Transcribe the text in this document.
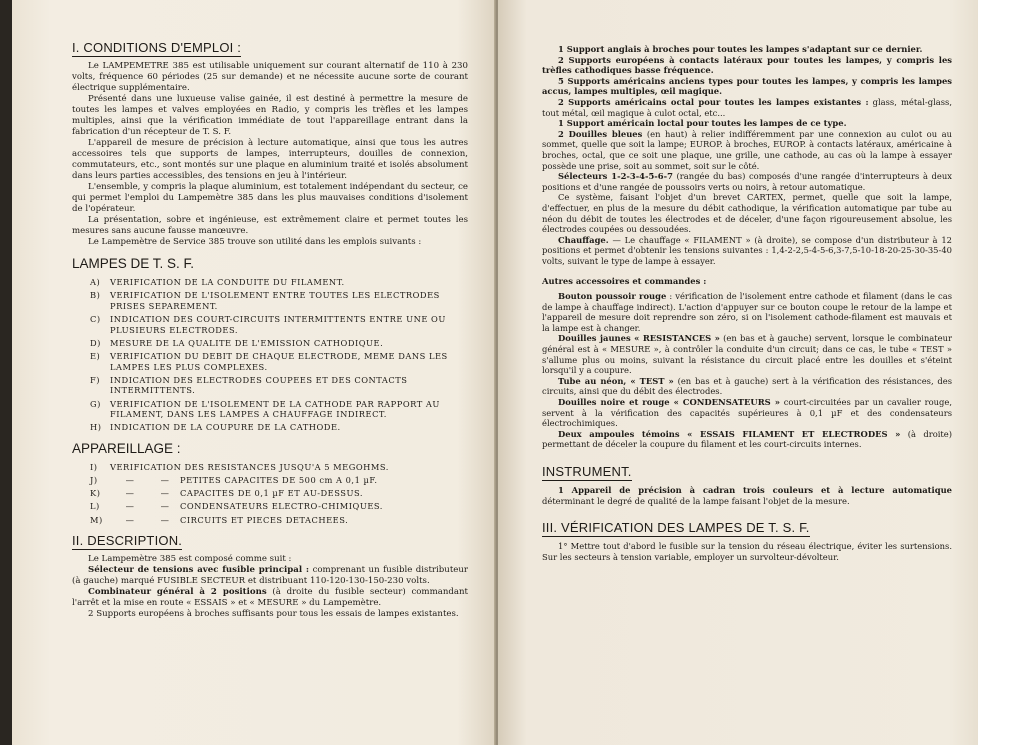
I. CONDITIONS D'EMPLOI :

Le LAMPEMETRE 385 est utilisable uniquement sur courant alternatif de 110 à 230 volts, fréquence 60 périodes (25 sur demande) et ne nécessite aucune sorte de courant électrique supplémentaire.

Présenté dans une luxueuse valise gainée, il est destiné à permettre la mesure de toutes les lampes et valves employées en Radio, y compris les trèfles et les lampes multiples, ainsi que la vérification immédiate de tout l'appareillage entrant dans la fabrication d'un récepteur de T. S. F.

L'appareil de mesure de précision à lecture automatique, ainsi que tous les autres accessoires tels que supports de lampes, interrupteurs, douilles de connexion, commutateurs, etc., sont montés sur une plaque en aluminium traité et isolés absolument dans leurs parties accessibles, des tensions en jeu à l'intérieur.

L'ensemble, y compris la plaque aluminium, est totalement indépendant du secteur, ce qui permet l'emploi du Lampemètre 385 dans les plus mauvaises conditions d'isolement de l'opérateur.

La présentation, sobre et ingénieuse, est extrêmement claire et permet toutes les mesures sans aucune fausse manœuvre.

Le Lampemètre de Service 385 trouve son utilité dans les emplois suivants :

LAMPES DE T. S. F.
A)	VERIFICATION DE LA CONDUITE DU FILAMENT.
B)	VERIFICATION DE L'ISOLEMENT ENTRE TOUTES LES ELECTRODES PRISES SEPAREMENT.
C)	INDICATION DES COURT-CIRCUITS INTERMITTENTS ENTRE UNE OU PLUSIEURS ELECTRODES.
D)	MESURE DE LA QUALITE DE L'EMISSION CATHODIQUE.
E)	VERIFICATION DU DEBIT DE CHAQUE ELECTRODE, MEME DANS LES LAMPES LES PLUS COMPLEXES.
F)	INDICATION DES ELECTRODES COUPEES ET DES CONTACTS INTERMITTENTS.
G)	VERIFICATION DE L'ISOLEMENT DE LA CATHODE PAR RAPPORT AU FILAMENT, DANS LES LAMPES A CHAUFFAGE INDIRECT.
H)	INDICATION DE LA COUPURE DE LA CATHODE.
APPAREILLAGE :
I)	VERIFICATION DES RESISTANCES JUSQU'A 5 MEGOHMS.
J)	—	—	PETITES CAPACITES DE 500 cm A 0,1 µF.
K)	—	—	CAPACITES DE 0,1 µF ET AU-DESSUS.
L)	—	—	CONDENSATEURS ELECTRO-CHIMIQUES.
M)	—	—	CIRCUITS ET PIECES DETACHEES.
II. DESCRIPTION.

Le Lampemètre 385 est composé comme suit :

Sélecteur de tensions avec fusible principal : comprenant un fusible distributeur (à gauche) marqué FUSIBLE SECTEUR et distribuant 110-120-130-150-230 volts.

Combinateur général à 2 positions (à droite du fusible secteur) commandant l'arrêt et la mise en route « ESSAIS » et « MESURE » du Lampemètre.

2 Supports européens à broches suffisants pour tous les essais de lampes existantes.

1 Support anglais à broches pour toutes les lampes s'adaptant sur ce dernier.

2 Supports européens à contacts latéraux pour toutes les lampes, y compris les trèfles cathodiques basse fréquence.

5 Supports américains anciens types pour toutes les lampes, y compris les lampes accus, lampes multiples, œil magique.

2 Supports américains octal pour toutes les lampes existantes : glass, métal-glass, tout métal, œil magique à culot octal, etc...

1 Support américain loctal pour toutes les lampes de ce type.

2 Douilles bleues (en haut) à relier indifféremment par une connexion au culot ou au sommet, quelle que soit la lampe; EUROP. à broches, EUROP. à contacts latéraux, américaine à broches, octal, que ce soit une plaque, une grille, une cathode, au cas où la lampe à essayer possède une prise, soit au sommet, soit sur le côté.

Sélecteurs 1-2-3-4-5-6-7 (rangée du bas) composés d'une rangée d'interrupteurs à deux positions et d'une rangée de poussoirs verts ou noirs, à retour automatique.

Ce système, faisant l'objet d'un brevet CARTEX, permet, quelle que soit la lampe, d'effectuer, en plus de la mesure du débit cathodique, la vérification automatique par tube au néon du débit de toutes les électrodes et de déceler, d'une façon rigoureusement absolue, les électrodes coupées ou dessoudées.

Chauffage. — Le chauffage « FILAMENT » (à droite), se compose d'un distributeur à 12 positions et permet d'obtenir les tensions suivantes : 1,4-2-2,5-4-5-6,3-7,5-10-18-20-25-30-35-40 volts, suivant le type de lampe à essayer.

Autres accessoires et commandes :

Bouton poussoir rouge : vérification de l'isolement entre cathode et filament (dans le cas de lampe à chauffage indirect). L'action d'appuyer sur ce bouton coupe le retour de la lampe et l'appareil de mesure doit reprendre son zéro, si on l'isolement cathode-filament est mauvais et la lampe est à changer.

Douilles jaunes « RESISTANCES » (en bas et à gauche) servent, lorsque le combinateur général est à « MESURE », à contrôler la conduite d'un circuit; dans ce cas, le tube « TEST » s'allume plus ou moins, suivant la résistance du circuit placé entre les douilles et s'éteint lorsqu'il y a coupure.

Tube au néon, « TEST » (en bas et à gauche) sert à la vérification des résistances, des circuits, ainsi que du débit des électrodes.

Douilles noire et rouge « CONDENSATEURS » court-circuitées par un cavalier rouge, servent à la vérification des capacités supérieures à 0,1 µF et des condensateurs électrochimiques.

Deux ampoules témoins « ESSAIS FILAMENT ET ELECTRODES » (à droite) permettant de déceler la coupure du filament et les court-circuits internes.

INSTRUMENT.

1 Appareil de précision à cadran trois couleurs et à lecture automatique déterminant le degré de qualité de la lampe faisant l'objet de la mesure.

III. VÉRIFICATION DES LAMPES DE T. S. F.

1° Mettre tout d'abord le fusible sur la tension du réseau électrique, éviter les surtensions. Sur les secteurs à tension variable, employer un survolteur-dévolteur.
